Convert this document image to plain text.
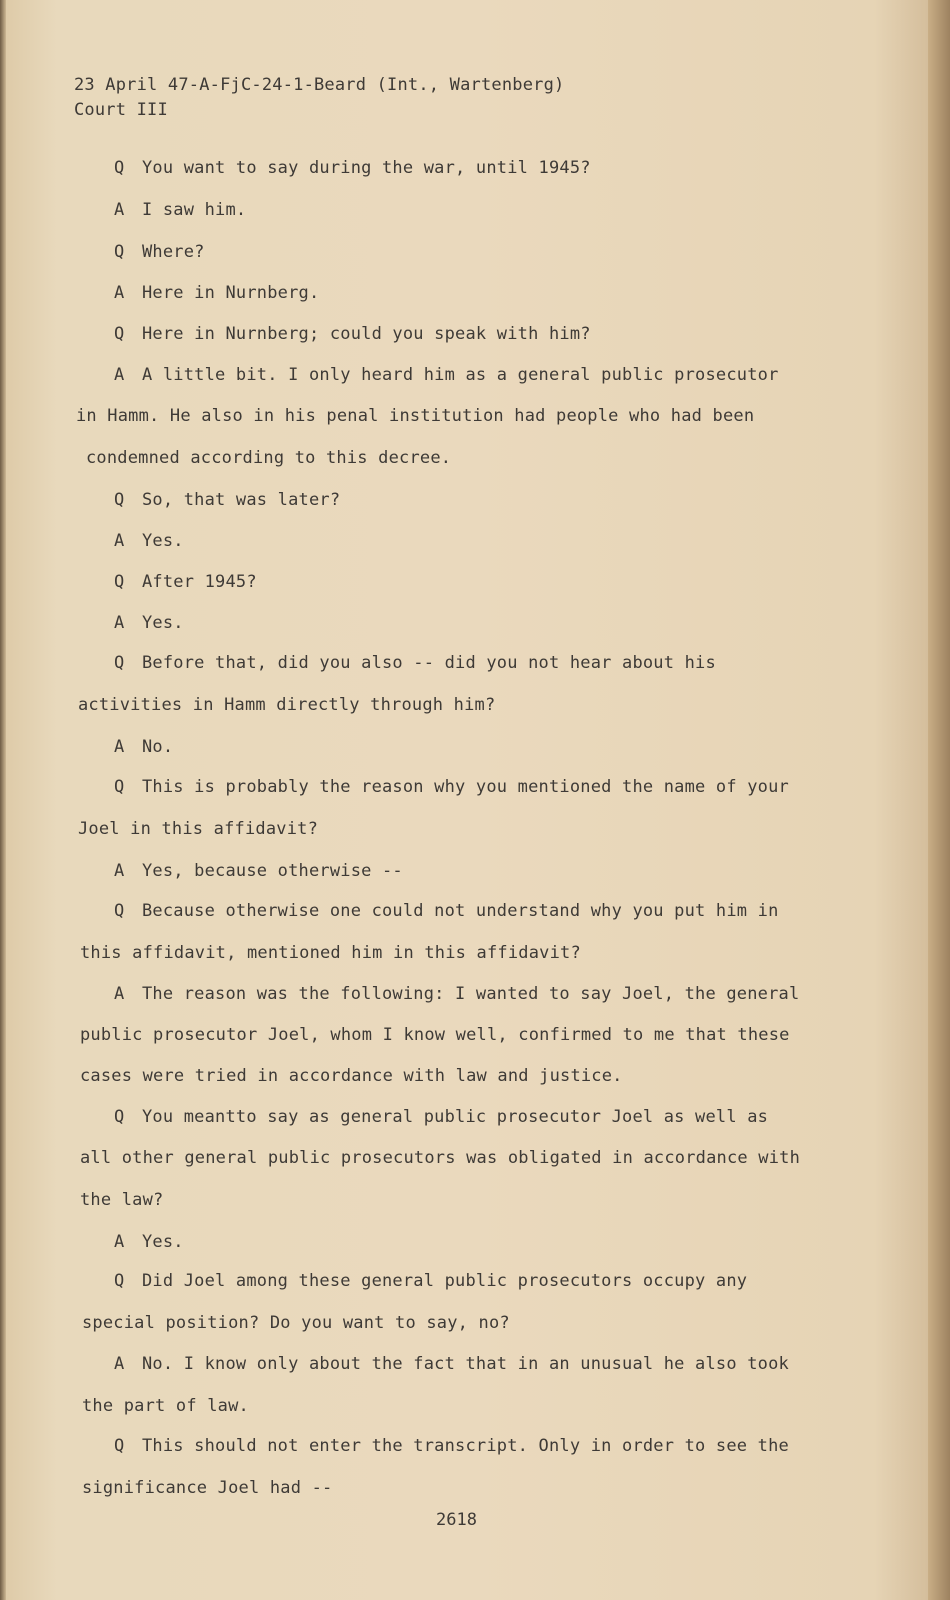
23 April 47-A-FjC-24-1-Beard (Int., Wartenberg)
Court III
Q You want to say during the war, until 1945?
A I saw him.
Q Where?
A Here in Nurnberg.
Q Here in Nurnberg; could you speak with him?
A A little bit. I only heard him as a general public prosecutor
in Hamm. He also in his penal institution had people who had been
condemned according to this decree.
Q So, that was later?
A Yes.
Q After 1945?
A Yes.
Q Before that, did you also -- did you not hear about his
activities in Hamm directly through him?
A No.
Q This is probably the reason why you mentioned the name of your
Joel in this affidavit?
A Yes, because otherwise --
Q Because otherwise one could not understand why you put him in
this affidavit, mentioned him in this affidavit?
A The reason was the following: I wanted to say Joel, the general
public prosecutor Joel, whom I know well, confirmed to me that these
cases were tried in accordance with law and justice.
Q You meantto say as general public prosecutor Joel as well as
all other general public prosecutors was obligated in accordance with
the law?
A Yes.
Q Did Joel among these general public prosecutors occupy any
special position? Do you want to say, no?
A No. I know only about the fact that in an unusual he also took
the part of law.
Q This should not enter the transcript. Only in order to see the
significance Joel had --
2618
